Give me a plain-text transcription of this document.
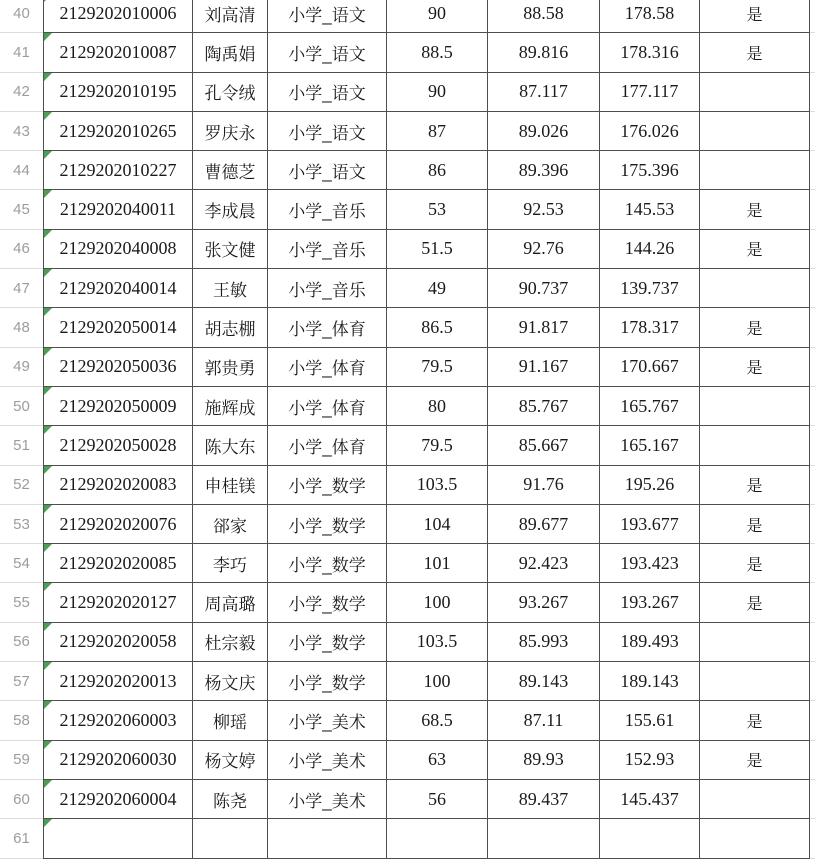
40 2129202010006 刘高清 小学_语文	90	88.58	178.58	是
41 2129202010087 陶禹娟 小学_语文	88.5	89.816	178.316	是
42 2129202010195 孔令绒 小学_语文	90	87.117	177.117
43 2129202010265 罗庆永 小学_语文	87	89.026	176.026
44 2129202010227 曹德芝 小学_语文	86	89.396	175.396
45 2129202040011 李成晨 小学_音乐	53	92.53	145.53	是
46 2129202040008 张文健 小学_音乐	51.5	92.76	144.26	是
47 2129202040014 王敏 小学_音乐	49	90.737	139.737
48 2129202050014 胡志棚 小学_体育	86.5	91.817	178.317	是
49 2129202050036 郭贵勇 小学_体育	79.5	91.167	170.667	是
50 2129202050009 施辉成 小学_体育	80	85.767	165.767
51 2129202050028 陈大东 小学_体育	79.5	85.667	165.167
52 2129202020083 申桂镁 小学_数学	103.5	91.76	195.26	是
53 2129202020076 郤家 小学_数学	104	89.677	193.677	是
54 2129202020085 李巧 小学_数学	101	92.423	193.423	是
55 2129202020127 周高璐 小学_数学	100	93.267	193.267	是
56 2129202020058 杜宗毅 小学_数学	103.5	85.993	189.493
57 2129202020013 杨文庆 小学_数学	100	89.143	189.143
58 2129202060003 柳瑶 小学_美术	68.5	87.11	155.61	是
59 2129202060030 杨文婷 小学_美术	63	89.93	152.93	是
60 2129202060004 陈尧 小学_美术	56	89.437	145.437
61
